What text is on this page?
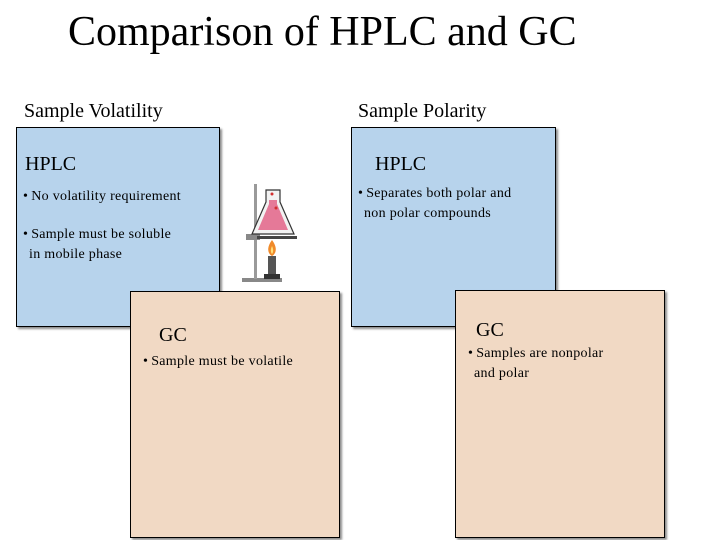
Comparison of HPLC and GC
Sample Volatility
HPLC
• No volatility requirement
• Sample must be soluble
in mobile phase
GC
• Sample must be volatile
Sample Polarity
HPLC
• Separates both polar and
non polar compounds
GC
• Samples are nonpolar
and polar
